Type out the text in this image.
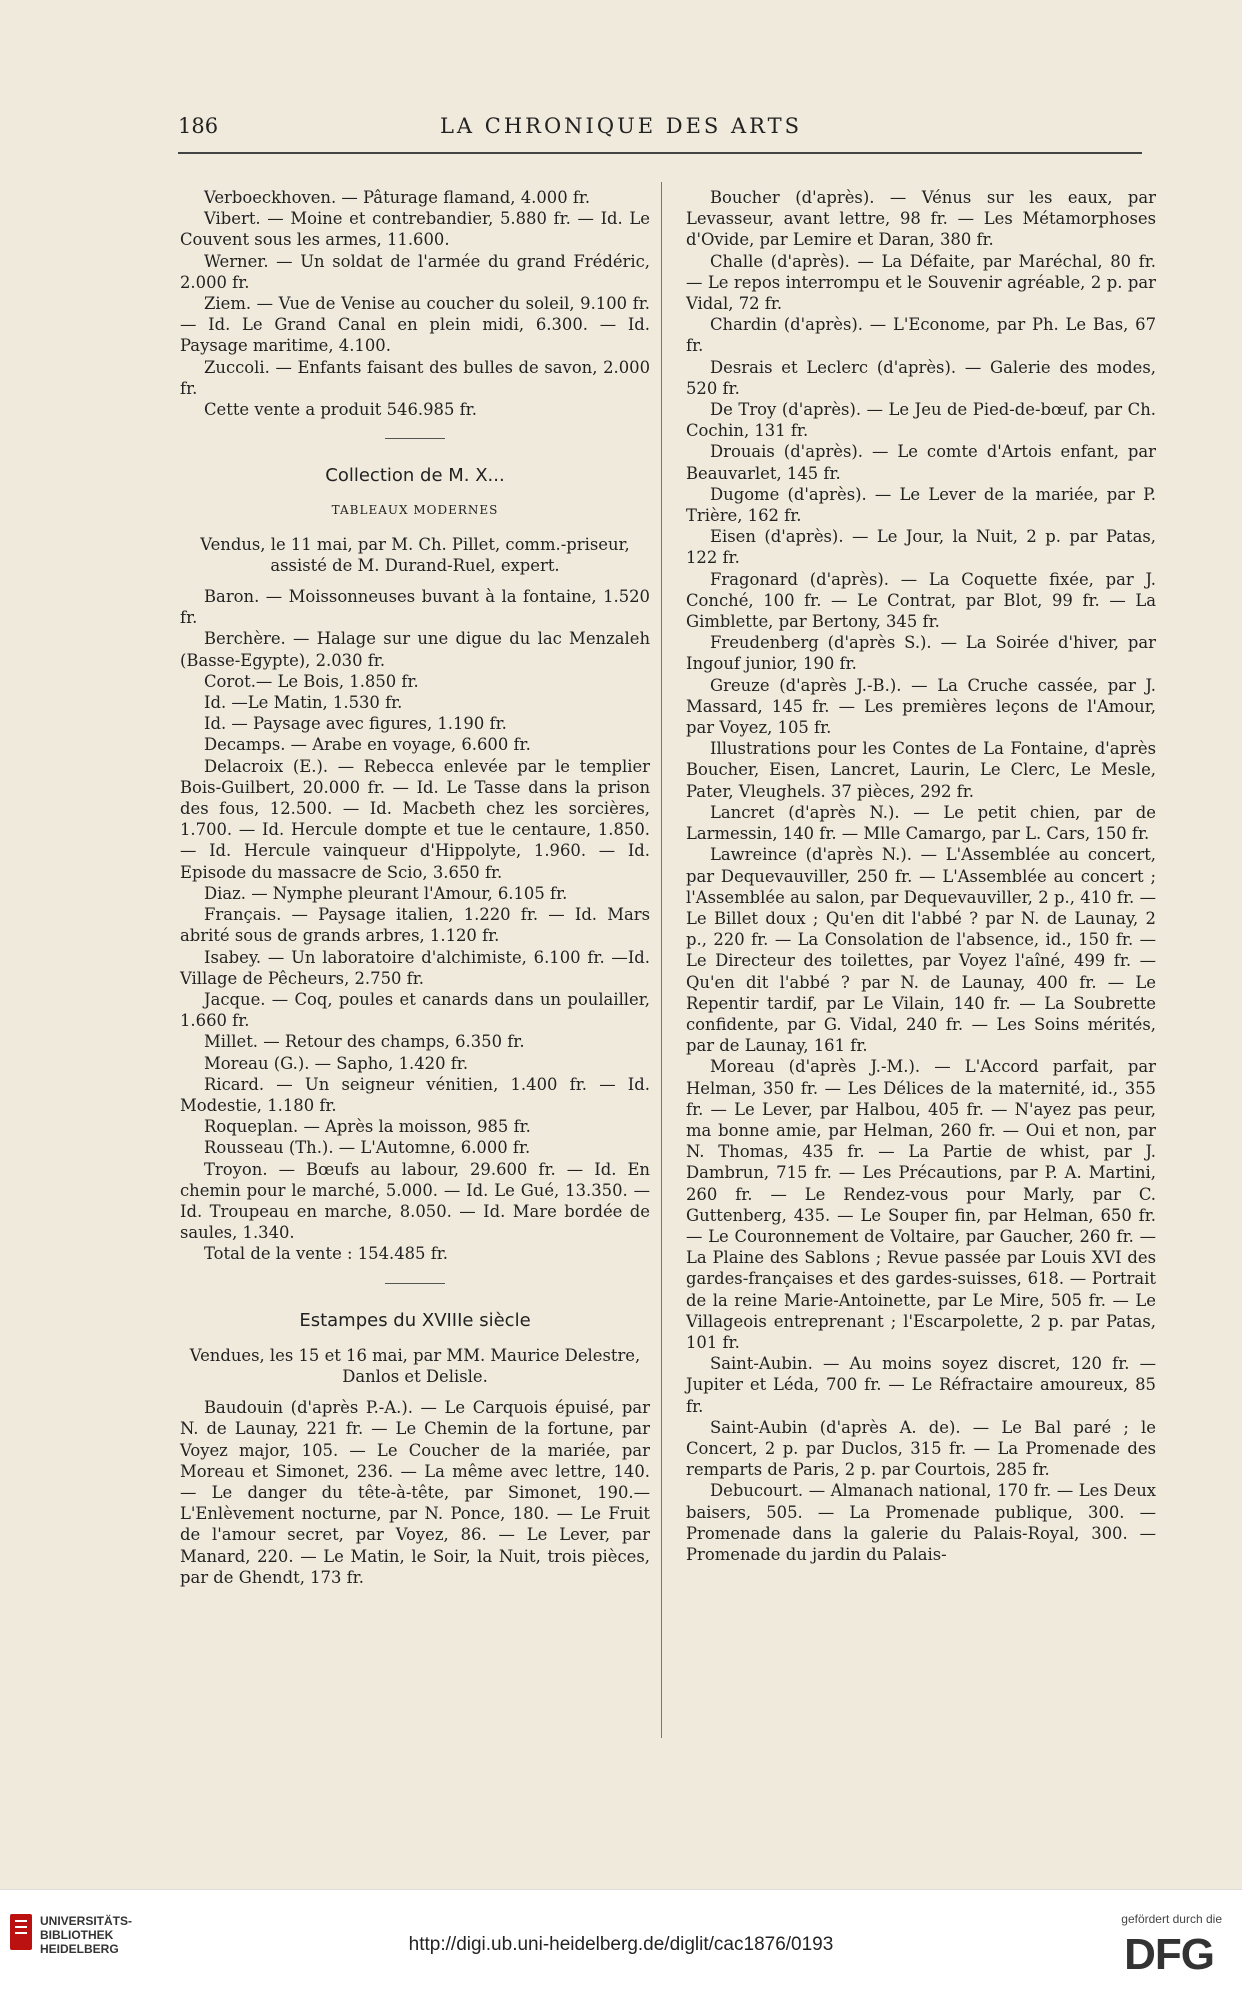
186	LA CHRONIQUE DES ARTS

Verboeckhoven. — Pâturage flamand, 4.000 fr.

Vibert. — Moine et contrebandier, 5.880 fr. — Id. Le Couvent sous les armes, 11.600.

Werner. — Un soldat de l'armée du grand Frédéric, 2.000 fr.

Ziem. — Vue de Venise au coucher du soleil, 9.100 fr. — Id. Le Grand Canal en plein midi, 6.300. — Id. Paysage maritime, 4.100.

Zuccoli. — Enfants faisant des bulles de savon, 2.000 fr.

Cette vente a produit 546.985 fr.

Collection de M. X...
TABLEAUX MODERNES

Vendus, le 11 mai, par M. Ch. Pillet, comm.-priseur, assisté de M. Durand-Ruel, expert.

Baron. — Moissonneuses buvant à la fontaine, 1.520 fr.

Berchère. — Halage sur une digue du lac Menzaleh (Basse-Egypte), 2.030 fr.

Corot.— Le Bois, 1.850 fr.

Id. —Le Matin, 1.530 fr.

Id. — Paysage avec figures, 1.190 fr.

Decamps. — Arabe en voyage, 6.600 fr.

Delacroix (E.). — Rebecca enlevée par le templier Bois-Guilbert, 20.000 fr. — Id. Le Tasse dans la prison des fous, 12.500. — Id. Macbeth chez les sorcières, 1.700. — Id. Hercule dompte et tue le centaure, 1.850. — Id. Hercule vainqueur d'Hippolyte, 1.960. — Id. Episode du massacre de Scio, 3.650 fr.

Diaz. — Nymphe pleurant l'Amour, 6.105 fr.

Français. — Paysage italien, 1.220 fr. — Id. Mars abrité sous de grands arbres, 1.120 fr.

Isabey. — Un laboratoire d'alchimiste, 6.100 fr. —Id. Village de Pêcheurs, 2.750 fr.

Jacque. — Coq, poules et canards dans un poulailler, 1.660 fr.

Millet. — Retour des champs, 6.350 fr.

Moreau (G.). — Sapho, 1.420 fr.

Ricard. — Un seigneur vénitien, 1.400 fr. — Id. Modestie, 1.180 fr.

Roqueplan. — Après la moisson, 985 fr.

Rousseau (Th.). — L'Automne, 6.000 fr.

Troyon. — Bœufs au labour, 29.600 fr. — Id. En chemin pour le marché, 5.000. — Id. Le Gué, 13.350. — Id. Troupeau en marche, 8.050. — Id. Mare bordée de saules, 1.340.

Total de la vente : 154.485 fr.

Estampes du XVIIIe siècle

Vendues, les 15 et 16 mai, par MM. Maurice Delestre, Danlos et Delisle.

Baudouin (d'après P.-A.). — Le Carquois épuisé, par N. de Launay, 221 fr. — Le Chemin de la fortune, par Voyez major, 105. — Le Coucher de la mariée, par Moreau et Simonet, 236. — La même avec lettre, 140. — Le danger du tête-à-tête, par Simonet, 190.— L'Enlèvement nocturne, par N. Ponce, 180. — Le Fruit de l'amour secret, par Voyez, 86. — Le Lever, par Manard, 220. — Le Matin, le Soir, la Nuit, trois pièces, par de Ghendt, 173 fr.

Boucher (d'après). — Vénus sur les eaux, par Levasseur, avant lettre, 98 fr. — Les Métamorphoses d'Ovide, par Lemire et Daran, 380 fr.

Challe (d'après). — La Défaite, par Maréchal, 80 fr. — Le repos interrompu et le Souvenir agréable, 2 p. par Vidal, 72 fr.

Chardin (d'après). — L'Econome, par Ph. Le Bas, 67 fr.

Desrais et Leclerc (d'après). — Galerie des modes, 520 fr.

De Troy (d'après). — Le Jeu de Pied-de-bœuf, par Ch. Cochin, 131 fr.

Drouais (d'après). — Le comte d'Artois enfant, par Beauvarlet, 145 fr.

Dugome (d'après). — Le Lever de la mariée, par P. Trière, 162 fr.

Eisen (d'après). — Le Jour, la Nuit, 2 p. par Patas, 122 fr.

Fragonard (d'après). — La Coquette fixée, par J. Conché, 100 fr. — Le Contrat, par Blot, 99 fr. — La Gimblette, par Bertony, 345 fr.

Freudenberg (d'après S.). — La Soirée d'hiver, par Ingouf junior, 190 fr.

Greuze (d'après J.-B.). — La Cruche cassée, par J. Massard, 145 fr. — Les premières leçons de l'Amour, par Voyez, 105 fr.

Illustrations pour les Contes de La Fontaine, d'après Boucher, Eisen, Lancret, Laurin, Le Clerc, Le Mesle, Pater, Vleughels. 37 pièces, 292 fr.

Lancret (d'après N.). — Le petit chien, par de Larmessin, 140 fr. — Mlle Camargo, par L. Cars, 150 fr.

Lawreince (d'après N.). — L'Assemblée au concert, par Dequevauviller, 250 fr. — L'Assemblée au concert ; l'Assemblée au salon, par Dequevauviller, 2 p., 410 fr. — Le Billet doux ; Qu'en dit l'abbé ? par N. de Launay, 2 p., 220 fr. — La Consolation de l'absence, id., 150 fr. — Le Directeur des toilettes, par Voyez l'aîné, 499 fr. — Qu'en dit l'abbé ? par N. de Launay, 400 fr. — Le Repentir tardif, par Le Vilain, 140 fr. — La Soubrette confidente, par G. Vidal, 240 fr. — Les Soins mérités, par de Launay, 161 fr.

Moreau (d'après J.-M.). — L'Accord parfait, par Helman, 350 fr. — Les Délices de la maternité, id., 355 fr. — Le Lever, par Halbou, 405 fr. — N'ayez pas peur, ma bonne amie, par Helman, 260 fr. — Oui et non, par N. Thomas, 435 fr. — La Partie de whist, par J. Dambrun, 715 fr. — Les Précautions, par P. A. Martini, 260 fr. — Le Rendez-vous pour Marly, par C. Guttenberg, 435. — Le Souper fin, par Helman, 650 fr. — Le Couronnement de Voltaire, par Gaucher, 260 fr. — La Plaine des Sablons ; Revue passée par Louis XVI des gardes-françaises et des gardes-suisses, 618. — Portrait de la reine Marie-Antoinette, par Le Mire, 505 fr. — Le Villageois entreprenant ; l'Escarpolette, 2 p. par Patas, 101 fr.

Saint-Aubin. — Au moins soyez discret, 120 fr. — Jupiter et Léda, 700 fr. — Le Réfractaire amoureux, 85 fr.

Saint-Aubin (d'après A. de). — Le Bal paré ; le Concert, 2 p. par Duclos, 315 fr. — La Promenade des remparts de Paris, 2 p. par Courtois, 285 fr.

Debucourt. — Almanach national, 170 fr. — Les Deux baisers, 505. — La Promenade publique, 300. — Promenade dans la galerie du Palais-Royal, 300. — Promenade du jardin du Palais-

UNIVERSITÄTS-
BIBLIOTHEK
HEIDELBERG	http://digi.ub.uni-heidelberg.de/diglit/cac1876/0193
gefördert durch die
DFG
